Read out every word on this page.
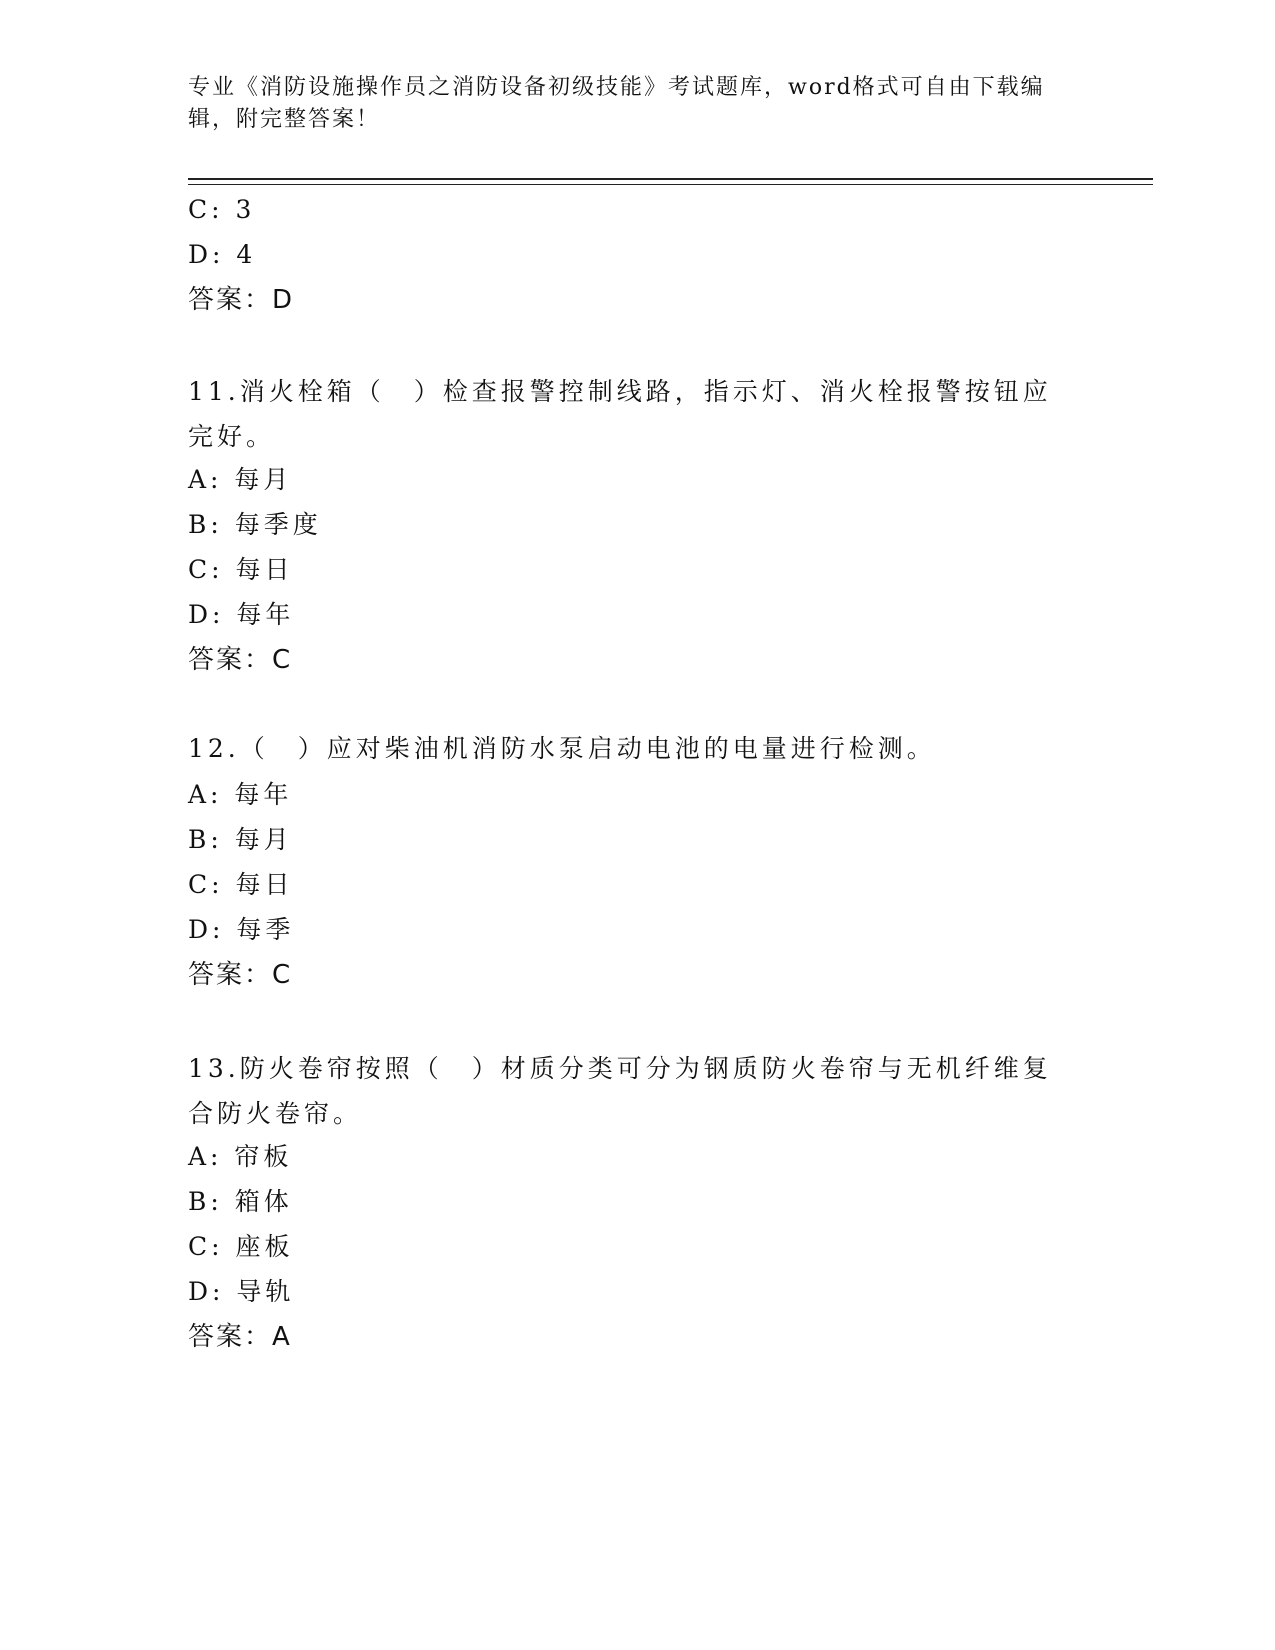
专业《消防设施操作员之消防设备初级技能》考试题库，word格式可自由下载编辑，附完整答案！
C: 3
D: 4
答案：D
11.消火栓箱（　）检查报警控制线路，指示灯、消火栓报警按钮应完好。
A: 每月
B: 每季度
C: 每日
D: 每年
答案：C
12.（　）应对柴油机消防水泵启动电池的电量进行检测。
A: 每年
B: 每月
C: 每日
D: 每季
答案：C
13.防火卷帘按照（　）材质分类可分为钢质防火卷帘与无机纤维复合防火卷帘。
A: 帘板
B: 箱体
C: 座板
D: 导轨
答案：A
